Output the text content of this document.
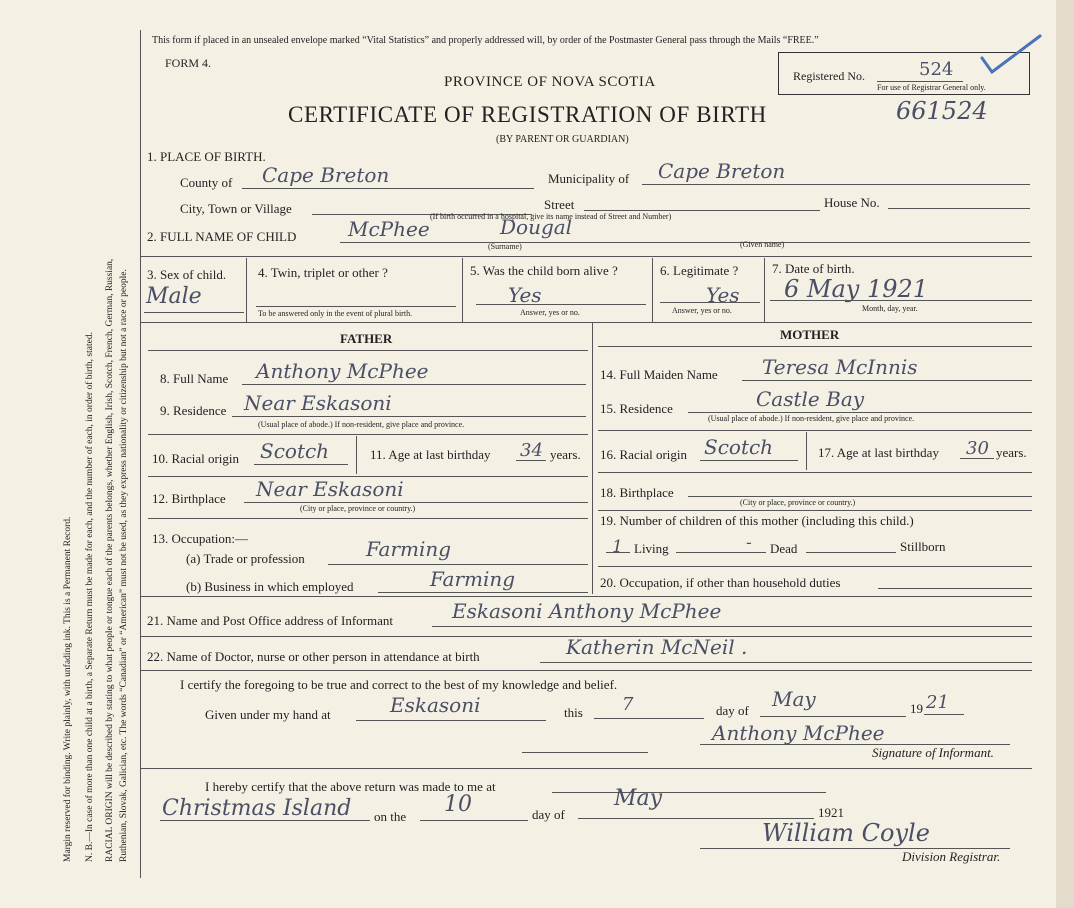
Margin reserved for binding. Write plainly, with unfading ink. This is a Permanent Record. N. B.—In case of more than one child at a birth, a Separate Return must be made for each, and the number of each, in order of birth, stated. RACIAL ORIGIN will be described by stating to what people or tongue each of the parents belongs, whether English, Irish, Scotch, French, German, Russian, Ruthenian, Slovak, Galician, etc. The words “Canadian” or “American” must not be used, as they express nationality or citizenship but not a race or people.
This form if placed in an unsealed envelope marked “Vital Statistics” and properly addressed will, by order of the Postmaster General pass through the Mails “FREE.”
FORM 4.
PROVINCE OF NOVA SCOTIA
CERTIFICATE OF REGISTRATION OF BIRTH	661524
(BY PARENT OR GUARDIAN)
Registered No.	524
For use of Registrar General only.
1. PLACE OF BIRTH.
County of Cape Breton	Municipality of Cape Breton
City, Town or Village	Street	House No.
(If birth occurred in a hospital, give its name instead of Street and Number)
2. FULL NAME OF CHILD	McPhee	Dougal
(Surname)	(Given name)
3. Sex of child.
Male
4. Twin, triplet or other ?
To be answered only in the event of plural birth.
5. Was the child born alive ?
Yes
Answer, yes or no.
6. Legitimate ?
Yes
Answer, yes or no.
7. Date of birth.
6 May 1921
Month, day, year.
FATHER	MOTHER
8. Full Name Anthony McPhee
9. Residence Near Eskasoni
(Usual place of abode.) If non-resident, give place and province.
10. Racial origin Scotch	11. Age at last birthday 34 years.
12. Birthplace Near Eskasoni
(City or place, province or country.)
13. Occupation:—
(a) Trade or profession	Farming
(b) Business in which employed	Farming
14. Full Maiden Name Teresa McInnis
15. Residence	Castle Bay
(Usual place of abode.) If non-resident, give place and province.
16. Racial origin Scotch	17. Age at last birthday 30 years.
18. Birthplace
(City or place, province or country.)
19. Number of children of this mother (including this child.)
1 Living	- Dead	Stillborn
20. Occupation, if other than household duties
21. Name and Post Office address of Informant	Eskasoni Anthony McPhee
22. Name of Doctor, nurse or other person in attendance at birth	Katherin McNeil .
I certify the foregoing to be true and correct to the best of my knowledge and belief.
Given under my hand at	Eskasoni	this 7	day of May	19 21
Anthony McPhee
Signature of Informant.
I hereby certify that the above return was made to me at
Christmas Island on the 10	day of
May
1921
William Coyle
Division Registrar.
